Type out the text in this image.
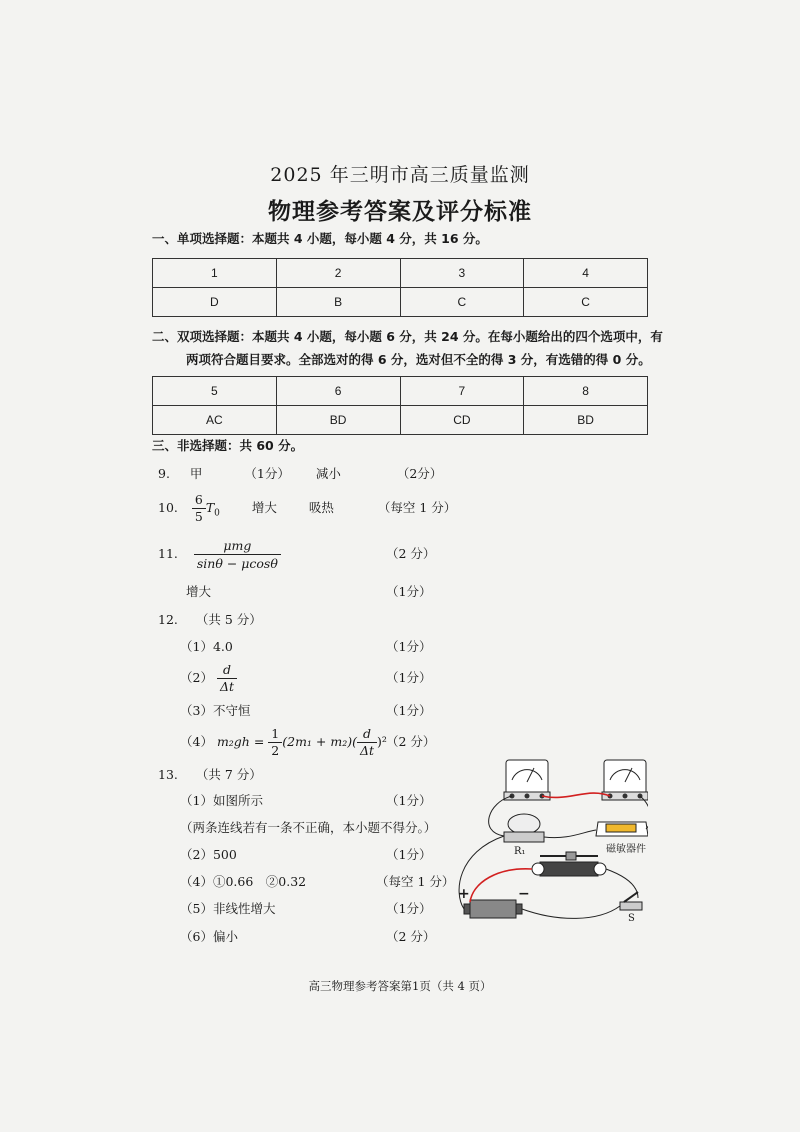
2025 年三明市高三质量监测
物理参考答案及评分标准
一、单项选择题：本题共 4 小题，每小题 4 分，共 16 分。
1	2	3	4
D	B	C	C
二、双项选择题：本题共 4 小题，每小题 6 分，共 24 分。在每小题给出的四个选项中，有
两项符合题目要求。全部选对的得 6 分，选对但不全的得 3 分，有选错的得 0 分。
5	6	7	8
AC	BD	CD	BD
三、非选择题：共 60 分。
9. 甲	（1分） 减小	（2分）
10. $\frac{6}{5} T_0$	增大	吸热	（每空 1 分）
11. $\frac{\text{μmg}}{\sin\theta - \mu\cos\theta}$	（2 分）
增大	（1分）
12. （共 5 分）
（1）4.0	（1分）
$(2) \frac{d}{\Delta t}$	（1分）
（3）不守恒	（1分）
（4） $m_2gh = \frac{1}{2} (2m_1 + m_2)( \frac{d}{\Delta t} )^2$ （2 分）
13. （共 7 分）
（1）如图所示	（1分）
（两条连线若有一条不正确，本小题不得分。）
（2）500	（1分）
（4）①0.66　②0.32	（每空 1 分）
（5）非线性增大	（1分）
（6）偏小	（2 分）
R₁	磁敏器件
S
+	−
高三物理参考答案第1页（共 4 页）
